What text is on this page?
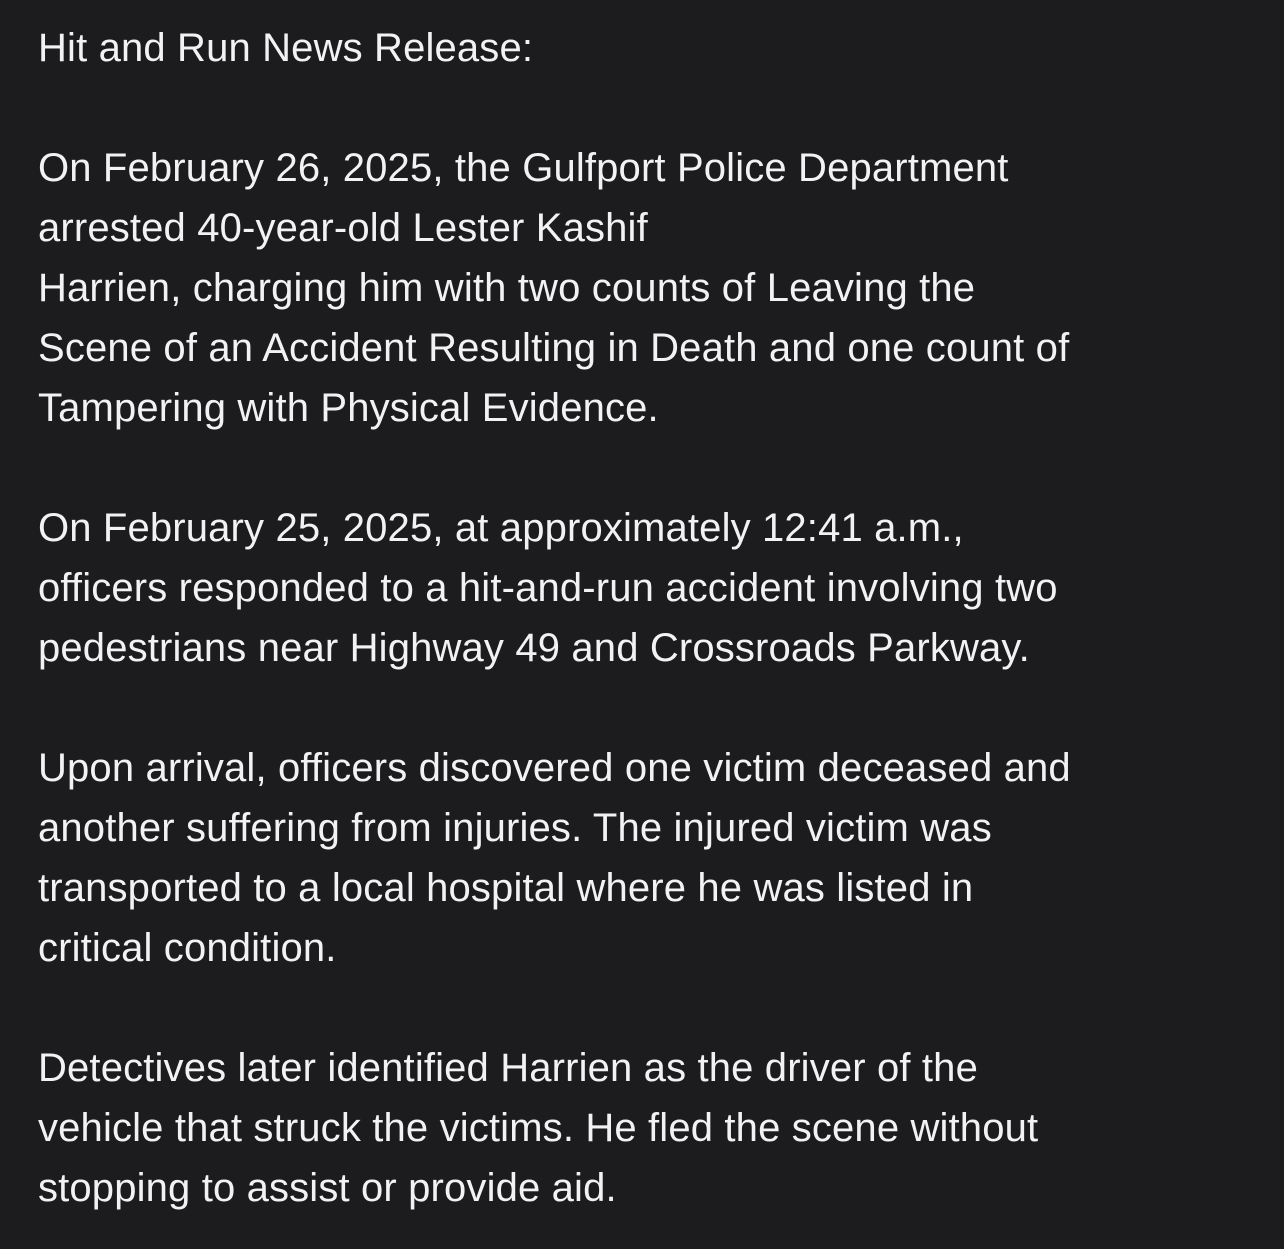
Hit and Run News Release:
On February 26, 2025, the Gulfport Police Department
arrested 40-year-old Lester Kashif
Harrien, charging him with two counts of Leaving the
Scene of an Accident Resulting in Death and one count of
Tampering with Physical Evidence.
On February 25, 2025, at approximately 12:41 a.m.,
officers responded to a hit-and-run accident involving two
pedestrians near Highway 49 and Crossroads Parkway.
Upon arrival, officers discovered one victim deceased and
another suffering from injuries. The injured victim was
transported to a local hospital where he was listed in
critical condition.
Detectives later identified Harrien as the driver of the
vehicle that struck the victims. He fled the scene without
stopping to assist or provide aid.
